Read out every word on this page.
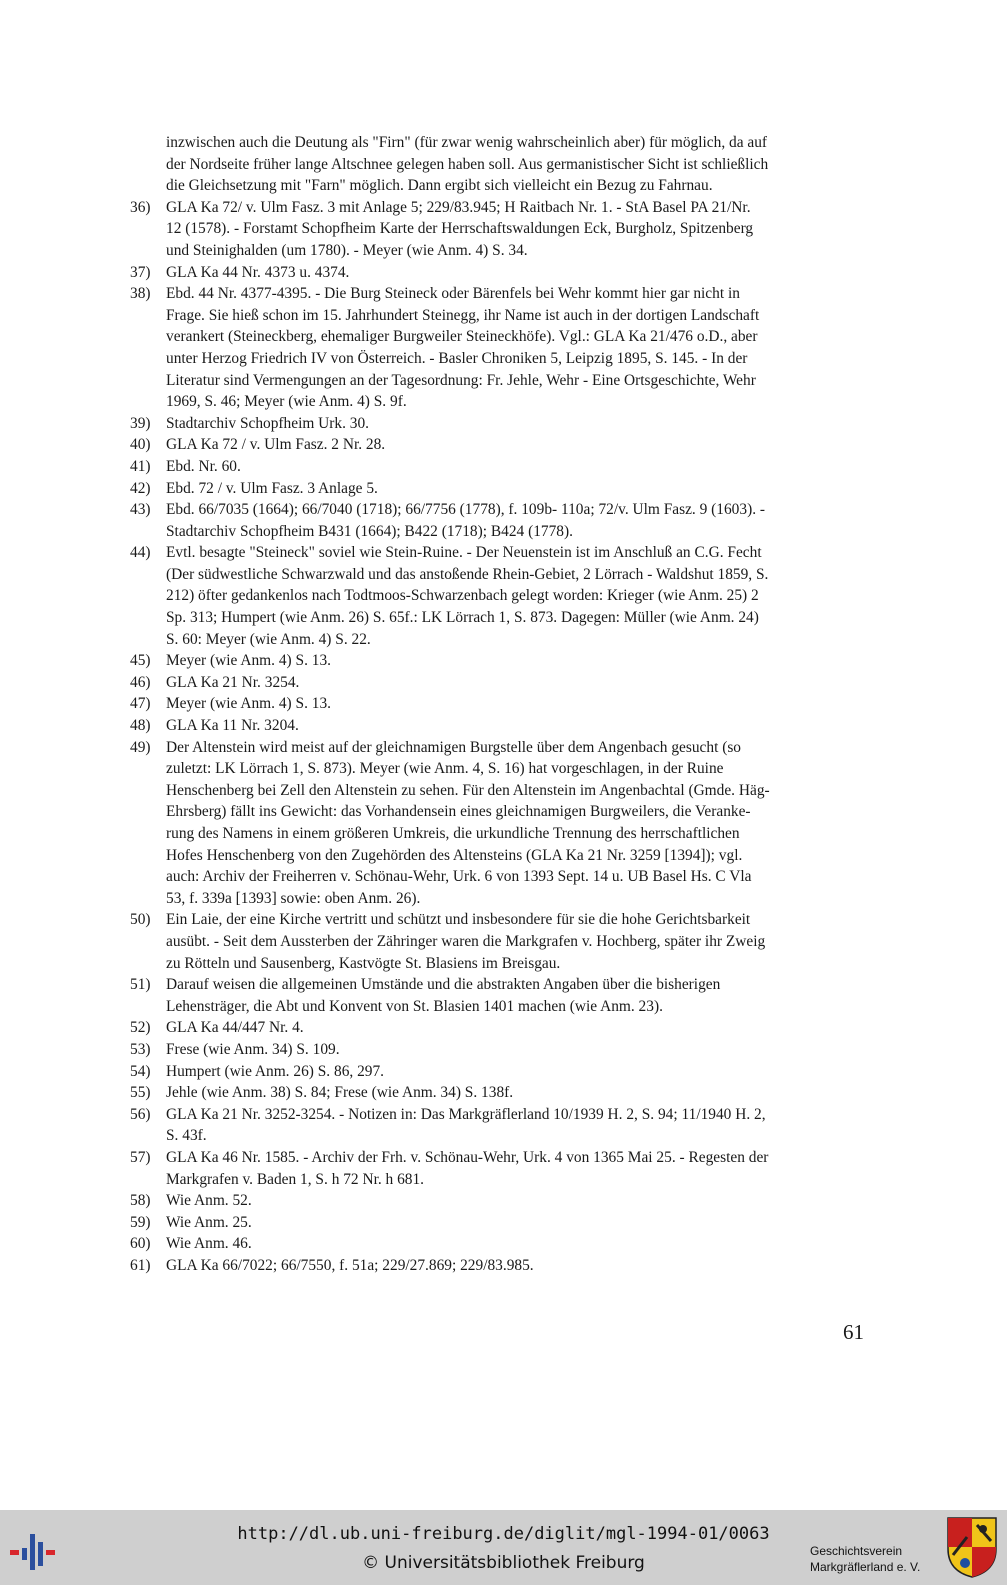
inzwischen auch die Deutung als "Firn" (für zwar wenig wahrscheinlich aber) für möglich, da auf
der Nordseite früher lange Altschnee gelegen haben soll. Aus germanistischer Sicht ist schließlich
die Gleichsetzung mit "Farn" möglich. Dann ergibt sich vielleicht ein Bezug zu Fahrnau.
36)	GLA Ka 72/ v. Ulm Fasz. 3 mit Anlage 5; 229/83.945; H Raitbach Nr. 1. - StA Basel PA 21/Nr.
12 (1578). - Forstamt Schopfheim Karte der Herrschaftswaldungen Eck, Burgholz, Spitzenberg
und Steinighalden (um 1780). - Meyer (wie Anm. 4) S. 34.
37)	GLA Ka 44 Nr. 4373 u. 4374.
38)	Ebd. 44 Nr. 4377-4395. - Die Burg Steineck oder Bärenfels bei Wehr kommt hier gar nicht in
Frage. Sie hieß schon im 15. Jahrhundert Steinegg, ihr Name ist auch in der dortigen Landschaft
verankert (Steineckberg, ehemaliger Burgweiler Steineckhöfe). Vgl.: GLA Ka 21/476 o.D., aber
unter Herzog Friedrich IV von Österreich. - Basler Chroniken 5, Leipzig 1895, S. 145. - In der
Literatur sind Vermengungen an der Tagesordnung: Fr. Jehle, Wehr - Eine Ortsgeschichte, Wehr
1969, S. 46; Meyer (wie Anm. 4) S. 9f.
39)	Stadtarchiv Schopfheim Urk. 30.
40)	GLA Ka 72 / v. Ulm Fasz. 2 Nr. 28.
41)	Ebd. Nr. 60.
42)	Ebd. 72 / v. Ulm Fasz. 3 Anlage 5.
43)	Ebd. 66/7035 (1664); 66/7040 (1718); 66/7756 (1778), f. 109b- 110a; 72/v. Ulm Fasz. 9 (1603). -
Stadtarchiv Schopfheim B431 (1664); B422 (1718); B424 (1778).
44)	Evtl. besagte "Steineck" soviel wie Stein-Ruine. - Der Neuenstein ist im Anschluß an C.G. Fecht
(Der südwestliche Schwarzwald und das anstoßende Rhein-Gebiet, 2 Lörrach - Waldshut 1859, S.
212) öfter gedankenlos nach Todtmoos-Schwarzenbach gelegt worden: Krieger (wie Anm. 25) 2
Sp. 313; Humpert (wie Anm. 26) S. 65f.: LK Lörrach 1, S. 873. Dagegen: Müller (wie Anm. 24)
S. 60: Meyer (wie Anm. 4) S. 22.
45)	Meyer (wie Anm. 4) S. 13.
46)	GLA Ka 21 Nr. 3254.
47)	Meyer (wie Anm. 4) S. 13.
48)	GLA Ka 11 Nr. 3204.
49)	Der Altenstein wird meist auf der gleichnamigen Burgstelle über dem Angenbach gesucht (so
zuletzt: LK Lörrach 1, S. 873). Meyer (wie Anm. 4, S. 16) hat vorgeschlagen, in der Ruine
Henschenberg bei Zell den Altenstein zu sehen. Für den Altenstein im Angenbachtal (Gmde. Häg-
Ehrsberg) fällt ins Gewicht: das Vorhandensein eines gleichnamigen Burgweilers, die Veranke-
rung des Namens in einem größeren Umkreis, die urkundliche Trennung des herrschaftlichen
Hofes Henschenberg von den Zugehörden des Altensteins (GLA Ka 21 Nr. 3259 [1394]); vgl.
auch: Archiv der Freiherren v. Schönau-Wehr, Urk. 6 von 1393 Sept. 14 u. UB Basel Hs. C Vla
53, f. 339a [1393] sowie: oben Anm. 26).
50)	Ein Laie, der eine Kirche vertritt und schützt und insbesondere für sie die hohe Gerichtsbarkeit
ausübt. - Seit dem Aussterben der Zähringer waren die Markgrafen v. Hochberg, später ihr Zweig
zu Rötteln und Sausenberg, Kastvögte St. Blasiens im Breisgau.
51)	Darauf weisen die allgemeinen Umstände und die abstrakten Angaben über die bisherigen
Lehensträger, die Abt und Konvent von St. Blasien 1401 machen (wie Anm. 23).
52)	GLA Ka 44/447 Nr. 4.
53)	Frese (wie Anm. 34) S. 109.
54)	Humpert (wie Anm. 26) S. 86, 297.
55)	Jehle (wie Anm. 38) S. 84; Frese (wie Anm. 34) S. 138f.
56)	GLA Ka 21 Nr. 3252-3254. - Notizen in: Das Markgräflerland 10/1939 H. 2, S. 94; 11/1940 H. 2,
S. 43f.
57)	GLA Ka 46 Nr. 1585. - Archiv der Frh. v. Schönau-Wehr, Urk. 4 von 1365 Mai 25. - Regesten der
Markgrafen v. Baden 1, S. h 72 Nr. h 681.
58)	Wie Anm. 52.
59)	Wie Anm. 25.
60)	Wie Anm. 46.
61)	GLA Ka 66/7022; 66/7550, f. 51a; 229/27.869; 229/83.985.
61
http://dl.ub.uni-freiburg.de/diglit/mgl-1994-01/0063
© Universitätsbibliothek Freiburg
Geschichtsverein
Markgräflerland e. V.
